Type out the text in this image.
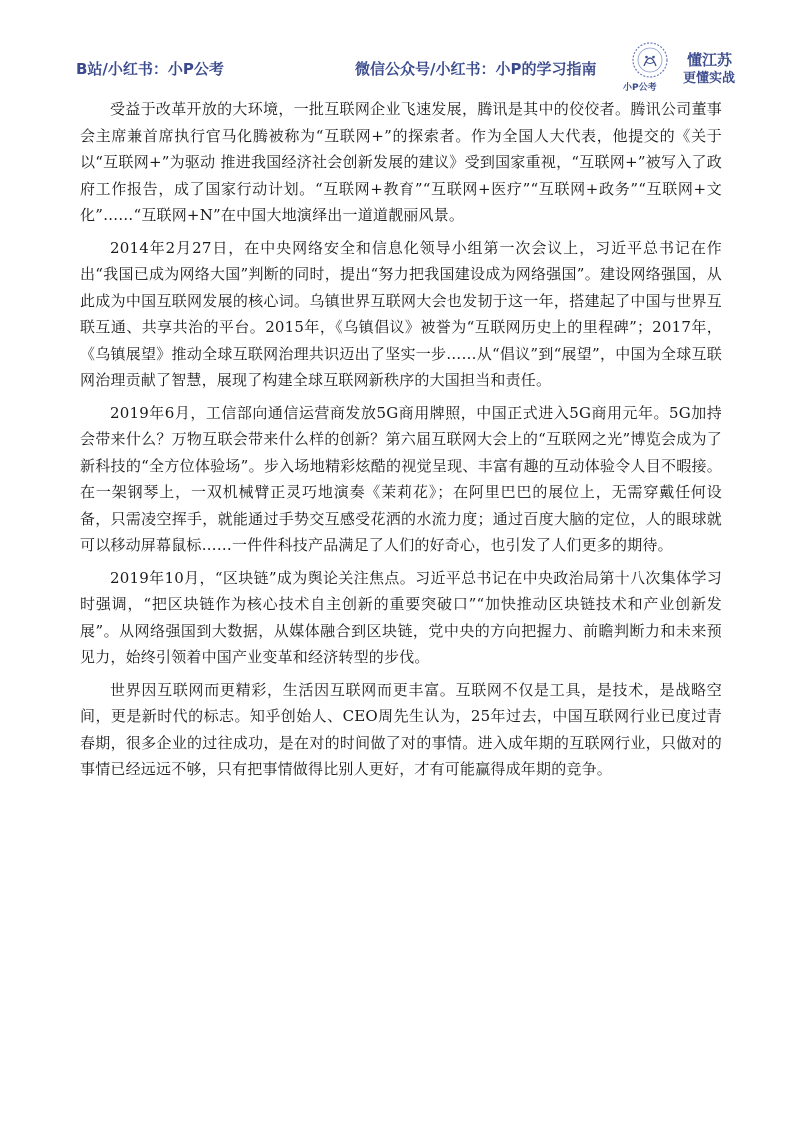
B站/小红书：小P公考	微信公众号/小红书：小P的学习指南
小P公考
懂江苏
更懂实战

受益于改革开放的大环境，一批互联网企业飞速发展，腾讯是其中的佼佼者。腾讯公司董事会主席兼首席执行官马化腾被称为“互联网+”的探索者。作为全国人大代表，他提交的《关于以“互联网+”为驱动 推进我国经济社会创新发展的建议》受到国家重视，“互联网+”被写入了政府工作报告，成了国家行动计划。“互联网+教育”“互联网+医疗”“互联网+政务”“互联网+文化”……“互联网+N”在中国大地演绎出一道道靓丽风景。

2014年2月27日，在中央网络安全和信息化领导小组第一次会议上，习近平总书记在作出“我国已成为网络大国”判断的同时，提出“努力把我国建设成为网络强国”。建设网络强国，从此成为中国互联网发展的核心词。乌镇世界互联网大会也发韧于这一年，搭建起了中国与世界互联互通、共享共治的平台。2015年，《乌镇倡议》被誉为“互联网历史上的里程碑”；2017年，《乌镇展望》推动全球互联网治理共识迈出了坚实一步……从“倡议”到“展望”，中国为全球互联网治理贡献了智慧，展现了构建全球互联网新秩序的大国担当和责任。

2019年6月，工信部向通信运营商发放5G商用牌照，中国正式进入5G商用元年。5G加持会带来什么？万物互联会带来什么样的创新？第六届互联网大会上的“互联网之光”博览会成为了新科技的“全方位体验场”。步入场地精彩炫酷的视觉呈现、丰富有趣的互动体验令人目不暇接。在一架钢琴上，一双机械臂正灵巧地演奏《茉莉花》；在阿里巴巴的展位上，无需穿戴任何设备，只需凌空挥手，就能通过手势交互感受花洒的水流力度；通过百度大脑的定位，人的眼球就可以移动屏幕鼠标……一件件科技产品满足了人们的好奇心，也引发了人们更多的期待。

2019年10月，“区块链”成为舆论关注焦点。习近平总书记在中央政治局第十八次集体学习时强调，“把区块链作为核心技术自主创新的重要突破口”“加快推动区块链技术和产业创新发展”。从网络强国到大数据，从媒体融合到区块链，党中央的方向把握力、前瞻判断力和未来预见力，始终引领着中国产业变革和经济转型的步伐。

世界因互联网而更精彩，生活因互联网而更丰富。互联网不仅是工具，是技术，是战略空间，更是新时代的标志。知乎创始人、CEO周先生认为，25年过去，中国互联网行业已度过青春期，很多企业的过往成功，是在对的时间做了对的事情。进入成年期的互联网行业，只做对的事情已经远远不够，只有把事情做得比别人更好，才有可能赢得成年期的竞争。
